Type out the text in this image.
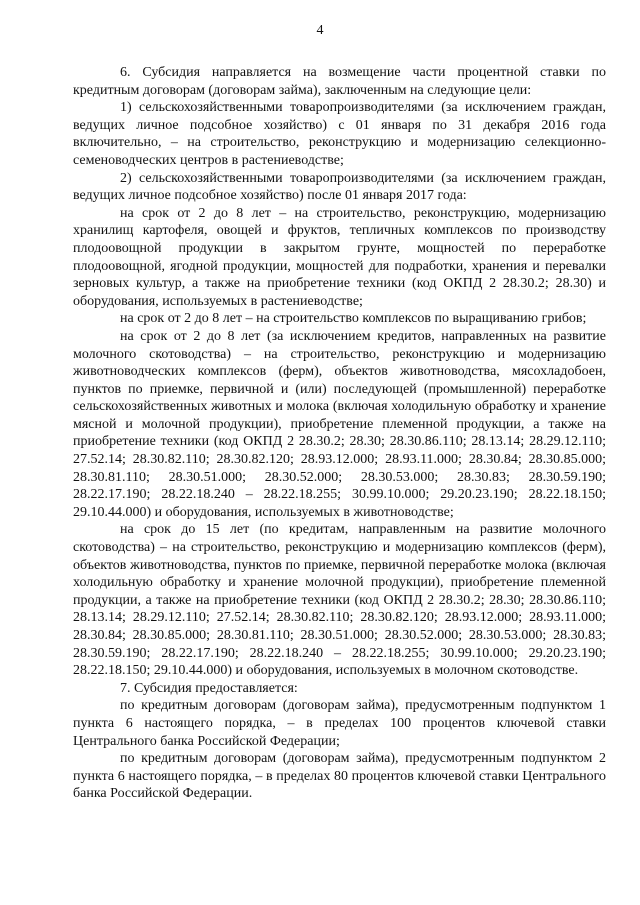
4

6. Субсидия направляется на возмещение части процентной ставки по кредитным договорам (договорам займа), заключенным на следующие цели:

1) сельскохозяйственными товаропроизводителями (за исключением граждан, ведущих личное подсобное хозяйство) с 01 января по 31 декабря 2016 года включительно, – на строительство, реконструкцию и модернизацию селекционно-семеноводческих центров в растениеводстве;

2) сельскохозяйственными товаропроизводителями (за исключением граждан, ведущих личное подсобное хозяйство) после 01 января 2017 года:

на срок от 2 до 8 лет – на строительство, реконструкцию, модернизацию хранилищ картофеля, овощей и фруктов, тепличных комплексов по производству плодоовощной продукции в закрытом грунте, мощностей по переработке плодоовощной, ягодной продукции, мощностей для подработки, хранения и перевалки зерновых культур, а также на приобретение техники (код ОКПД 2 28.30.2; 28.30) и оборудования, используемых в растениеводстве;

на срок от 2 до 8 лет – на строительство комплексов по выращиванию грибов;

на срок от 2 до 8 лет (за исключением кредитов, направленных на развитие молочного скотоводства) – на строительство, реконструкцию и модернизацию животноводческих комплексов (ферм), объектов животноводства, мясохладобоен, пунктов по приемке, первичной и (или) последующей (промышленной) переработке сельскохозяйственных животных и молока (включая холодильную обработку и хранение мясной и молочной продукции), приобретение племенной продукции, а также на приобретение техники (код ОКПД 2 28.30.2; 28.30; 28.30.86.110; 28.13.14; 28.29.12.110; 27.52.14; 28.30.82.110; 28.30.82.120; 28.93.12.000; 28.93.11.000; 28.30.84; 28.30.85.000; 28.30.81.110; 28.30.51.000; 28.30.52.000; 28.30.53.000; 28.30.83; 28.30.59.190; 28.22.17.190; 28.22.18.240 – 28.22.18.255; 30.99.10.000; 29.20.23.190; 28.22.18.150; 29.10.44.000) и оборудования, используемых в животноводстве;

на срок до 15 лет (по кредитам, направленным на развитие молочного скотоводства) – на строительство, реконструкцию и модернизацию комплексов (ферм), объектов животноводства, пунктов по приемке, первичной переработке молока (включая холодильную обработку и хранение молочной продукции), приобретение племенной продукции, а также на приобретение техники (код ОКПД 2 28.30.2; 28.30; 28.30.86.110; 28.13.14; 28.29.12.110; 27.52.14; 28.30.82.110; 28.30.82.120; 28.93.12.000; 28.93.11.000; 28.30.84; 28.30.85.000; 28.30.81.110; 28.30.51.000; 28.30.52.000; 28.30.53.000; 28.30.83; 28.30.59.190; 28.22.17.190; 28.22.18.240 – 28.22.18.255; 30.99.10.000; 29.20.23.190; 28.22.18.150; 29.10.44.000) и оборудования, используемых в молочном скотоводстве.

7. Субсидия предоставляется:

по кредитным договорам (договорам займа), предусмотренным подпунктом 1 пункта 6 настоящего порядка, – в пределах 100 процентов ключевой ставки Центрального банка Российской Федерации;

по кредитным договорам (договорам займа), предусмотренным подпунктом 2 пункта 6 настоящего порядка, – в пределах 80 процентов ключевой ставки Центрального банка Российской Федерации.
